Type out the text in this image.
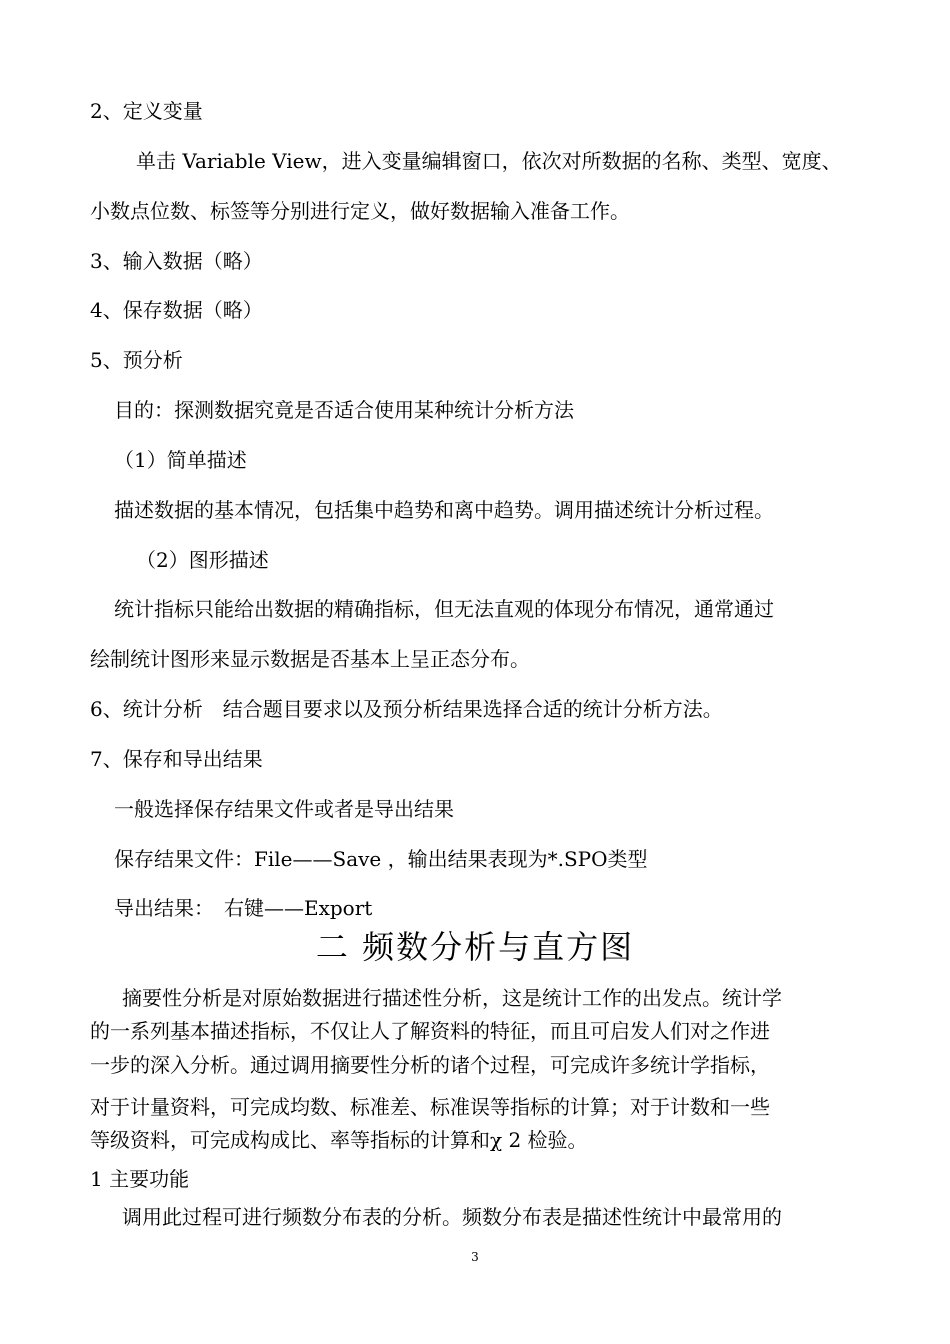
2、定义变量

单击 Variable View，进入变量编辑窗口，依次对所数据的名称、类型、宽度、

小数点位数、标签等分别进行定义，做好数据输入准备工作。

3、输入数据（略）

4、保存数据（略）

5、预分析

目的：探测数据究竟是否适合使用某种统计分析方法

（1）简单描述

描述数据的基本情况，包括集中趋势和离中趋势。调用描述统计分析过程。

（2）图形描述

统计指标只能给出数据的精确指标，但无法直观的体现分布情况，通常通过

绘制统计图形来显示数据是否基本上呈正态分布。

6、统计分析　结合题目要求以及预分析结果选择合适的统计分析方法。

7、保存和导出结果

一般选择保存结果文件或者是导出结果

保存结果文件：File——Save ，输出结果表现为*.SPO类型

导出结果：　右键——Export

二 频数分析与直方图

摘要性分析是对原始数据进行描述性分析，这是统计工作的出发点。统计学

的一系列基本描述指标，不仅让人了解资料的特征，而且可启发人们对之作进

一步的深入分析。通过调用摘要性分析的诸个过程，可完成许多统计学指标，

对于计量资料，可完成均数、标准差、标准误等指标的计算；对于计数和一些

等级资料，可完成构成比、率等指标的计算和χ 2 检验。

1 主要功能

调用此过程可进行频数分布表的分析。频数分布表是描述性统计中最常用的

3
